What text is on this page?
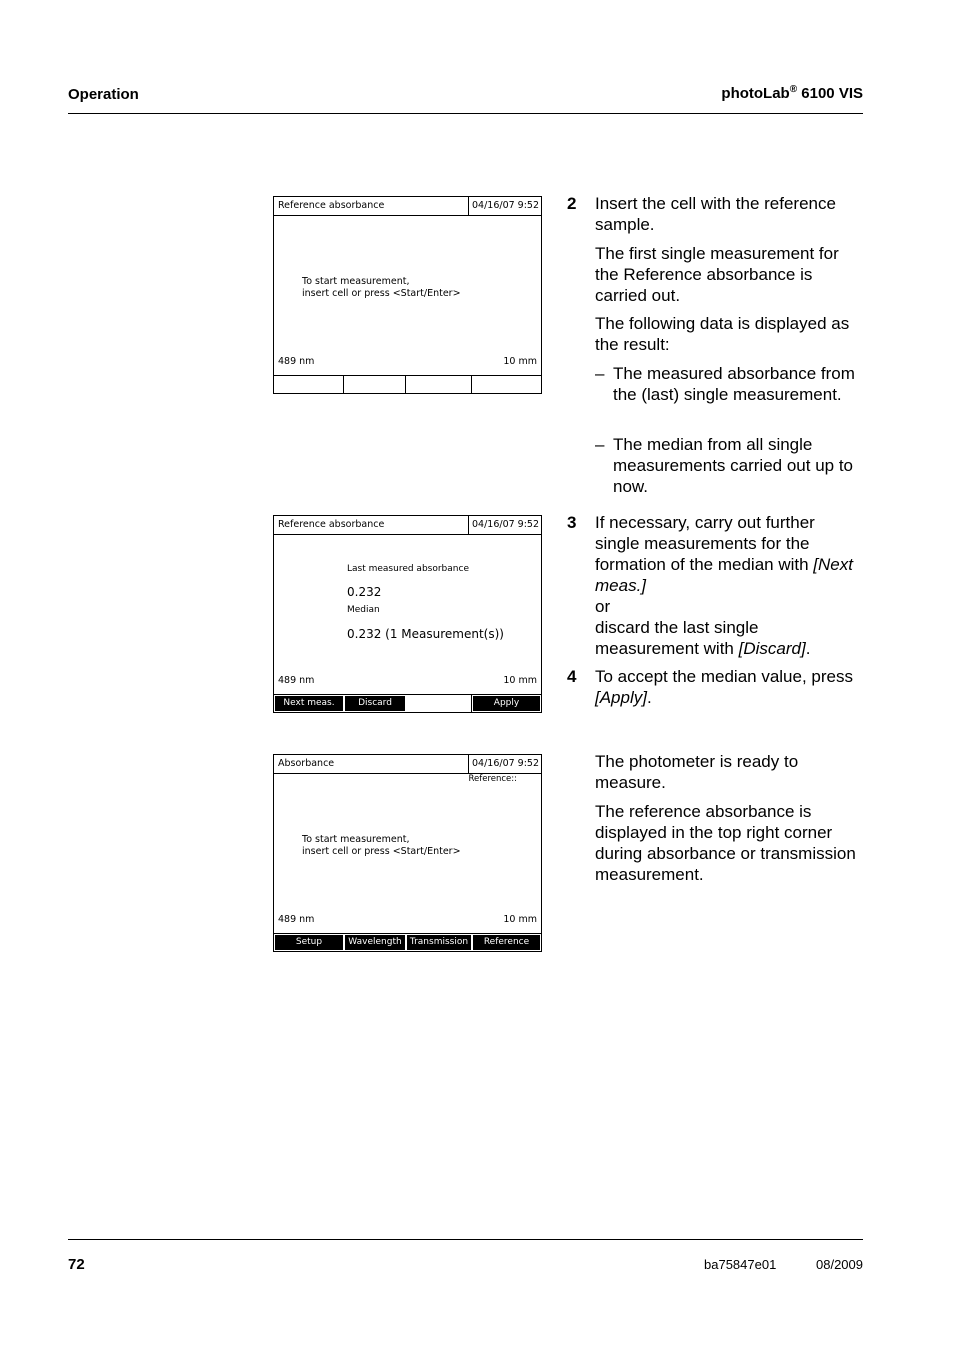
Operation	photoLab® 6100 VIS
Reference absorbance	04/16/07 9:52
To start measurement,
insert cell or press <Start/Enter>
489 nm	10 mm
Reference absorbance	04/16/07 9:52
Last measured absorbance
0.232
Median
0.232 (1 Measurement(s))
489 nm	10 mm
Next meas.	Discard	Apply
Absorbance	04/16/07 9:52
Reference::
To start measurement,
insert cell or press <Start/Enter>
489 nm	10 mm
Setup	Wavelength Transmission	Reference
2 Insert the cell with the reference sample.
The first single measurement for the Reference absorbance is carried out.
The following data is displayed as the result:
– The measured absorbance from the (last) single measurement.
– The median from all single measurements carried out up to now.
3 If necessary, carry out further single measurements for the formation of the median with [Next meas.]
or
discard the last single measurement with [Discard].
4 To accept the median value, press [Apply].
The photometer is ready to measure.
The reference absorbance is displayed in the top right corner during absorbance or transmission measurement.
72	ba75847e01	08/2009
